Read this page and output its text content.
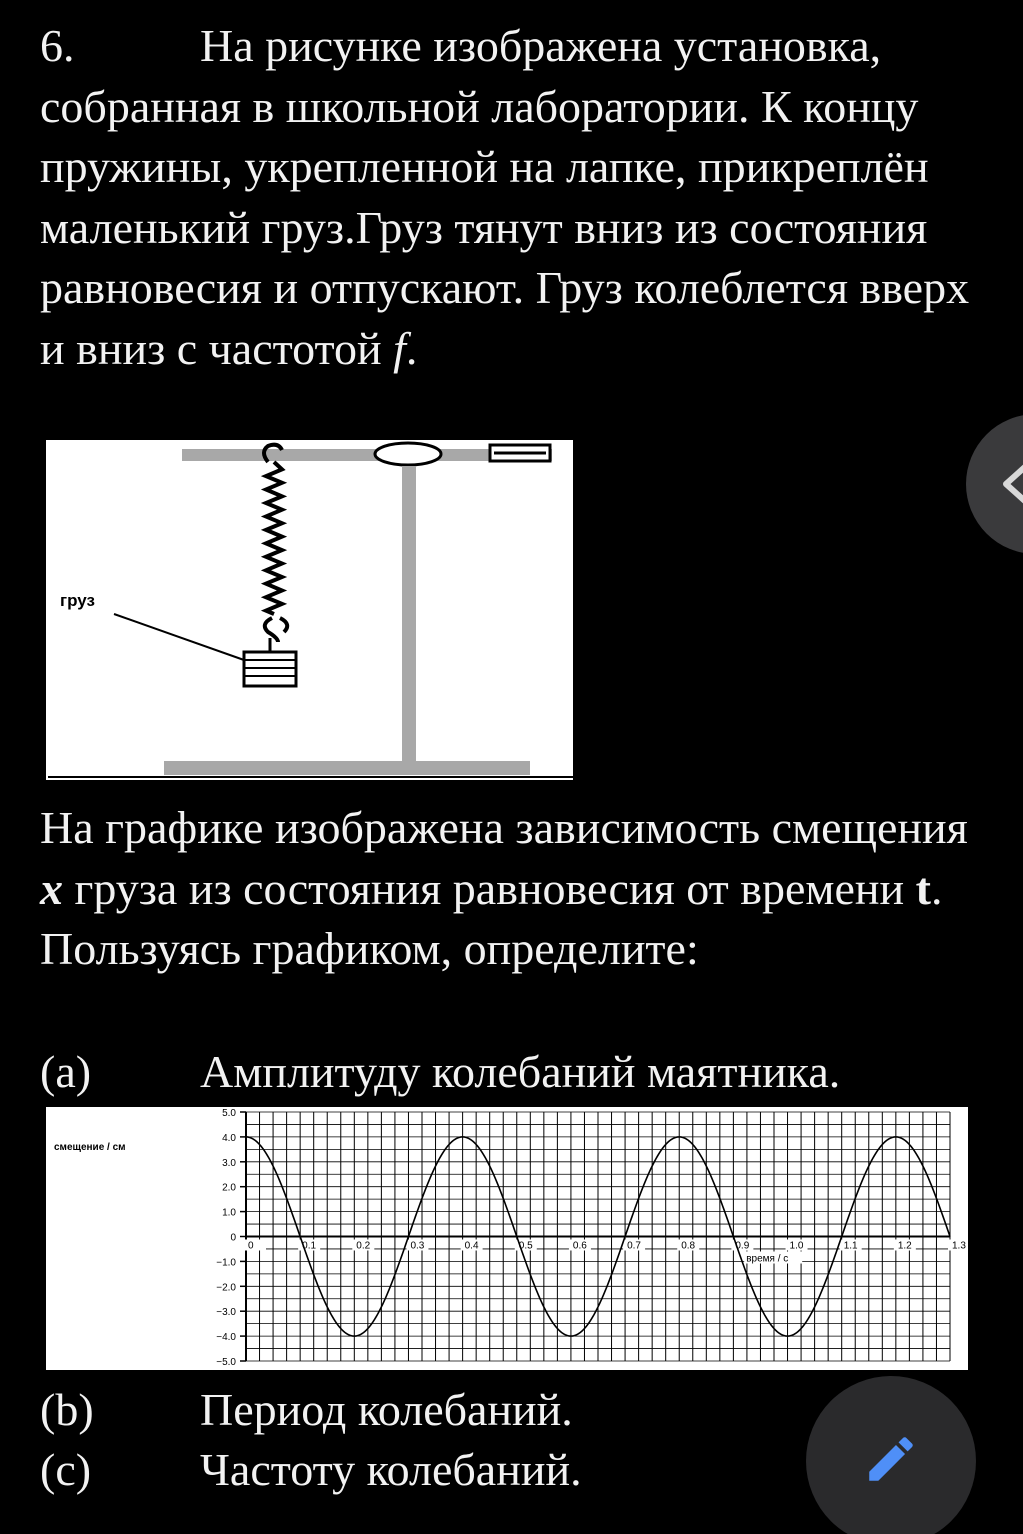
6.	На рисунке изображена установка, собранная в школьной лаборатории. К концу пружины, укрепленной на лапке, прикреплён маленький груз.Груз тянут вниз из состояния равновесия и отпускают. Груз колеблется вверх и вниз с частотой f.

груз

На графике изображена зависимость смещения x груза из состояния равновесия от времени t.
Пользуясь графиком, определите:

(a) Амплитуду колебаний маятника.
5.0
4.0
3.0
2.0
1.0
0
−1.0
−2.0
−3.0
−4.0
−5.0
0	0.1	0.2	0.3	0.4	0.5	0.6	0.7	0.8	0.9	1.0	1.1	1.2	1.3
смещение / см
время / с
(b) Период колебаний.
(c) Частоту колебаний.
